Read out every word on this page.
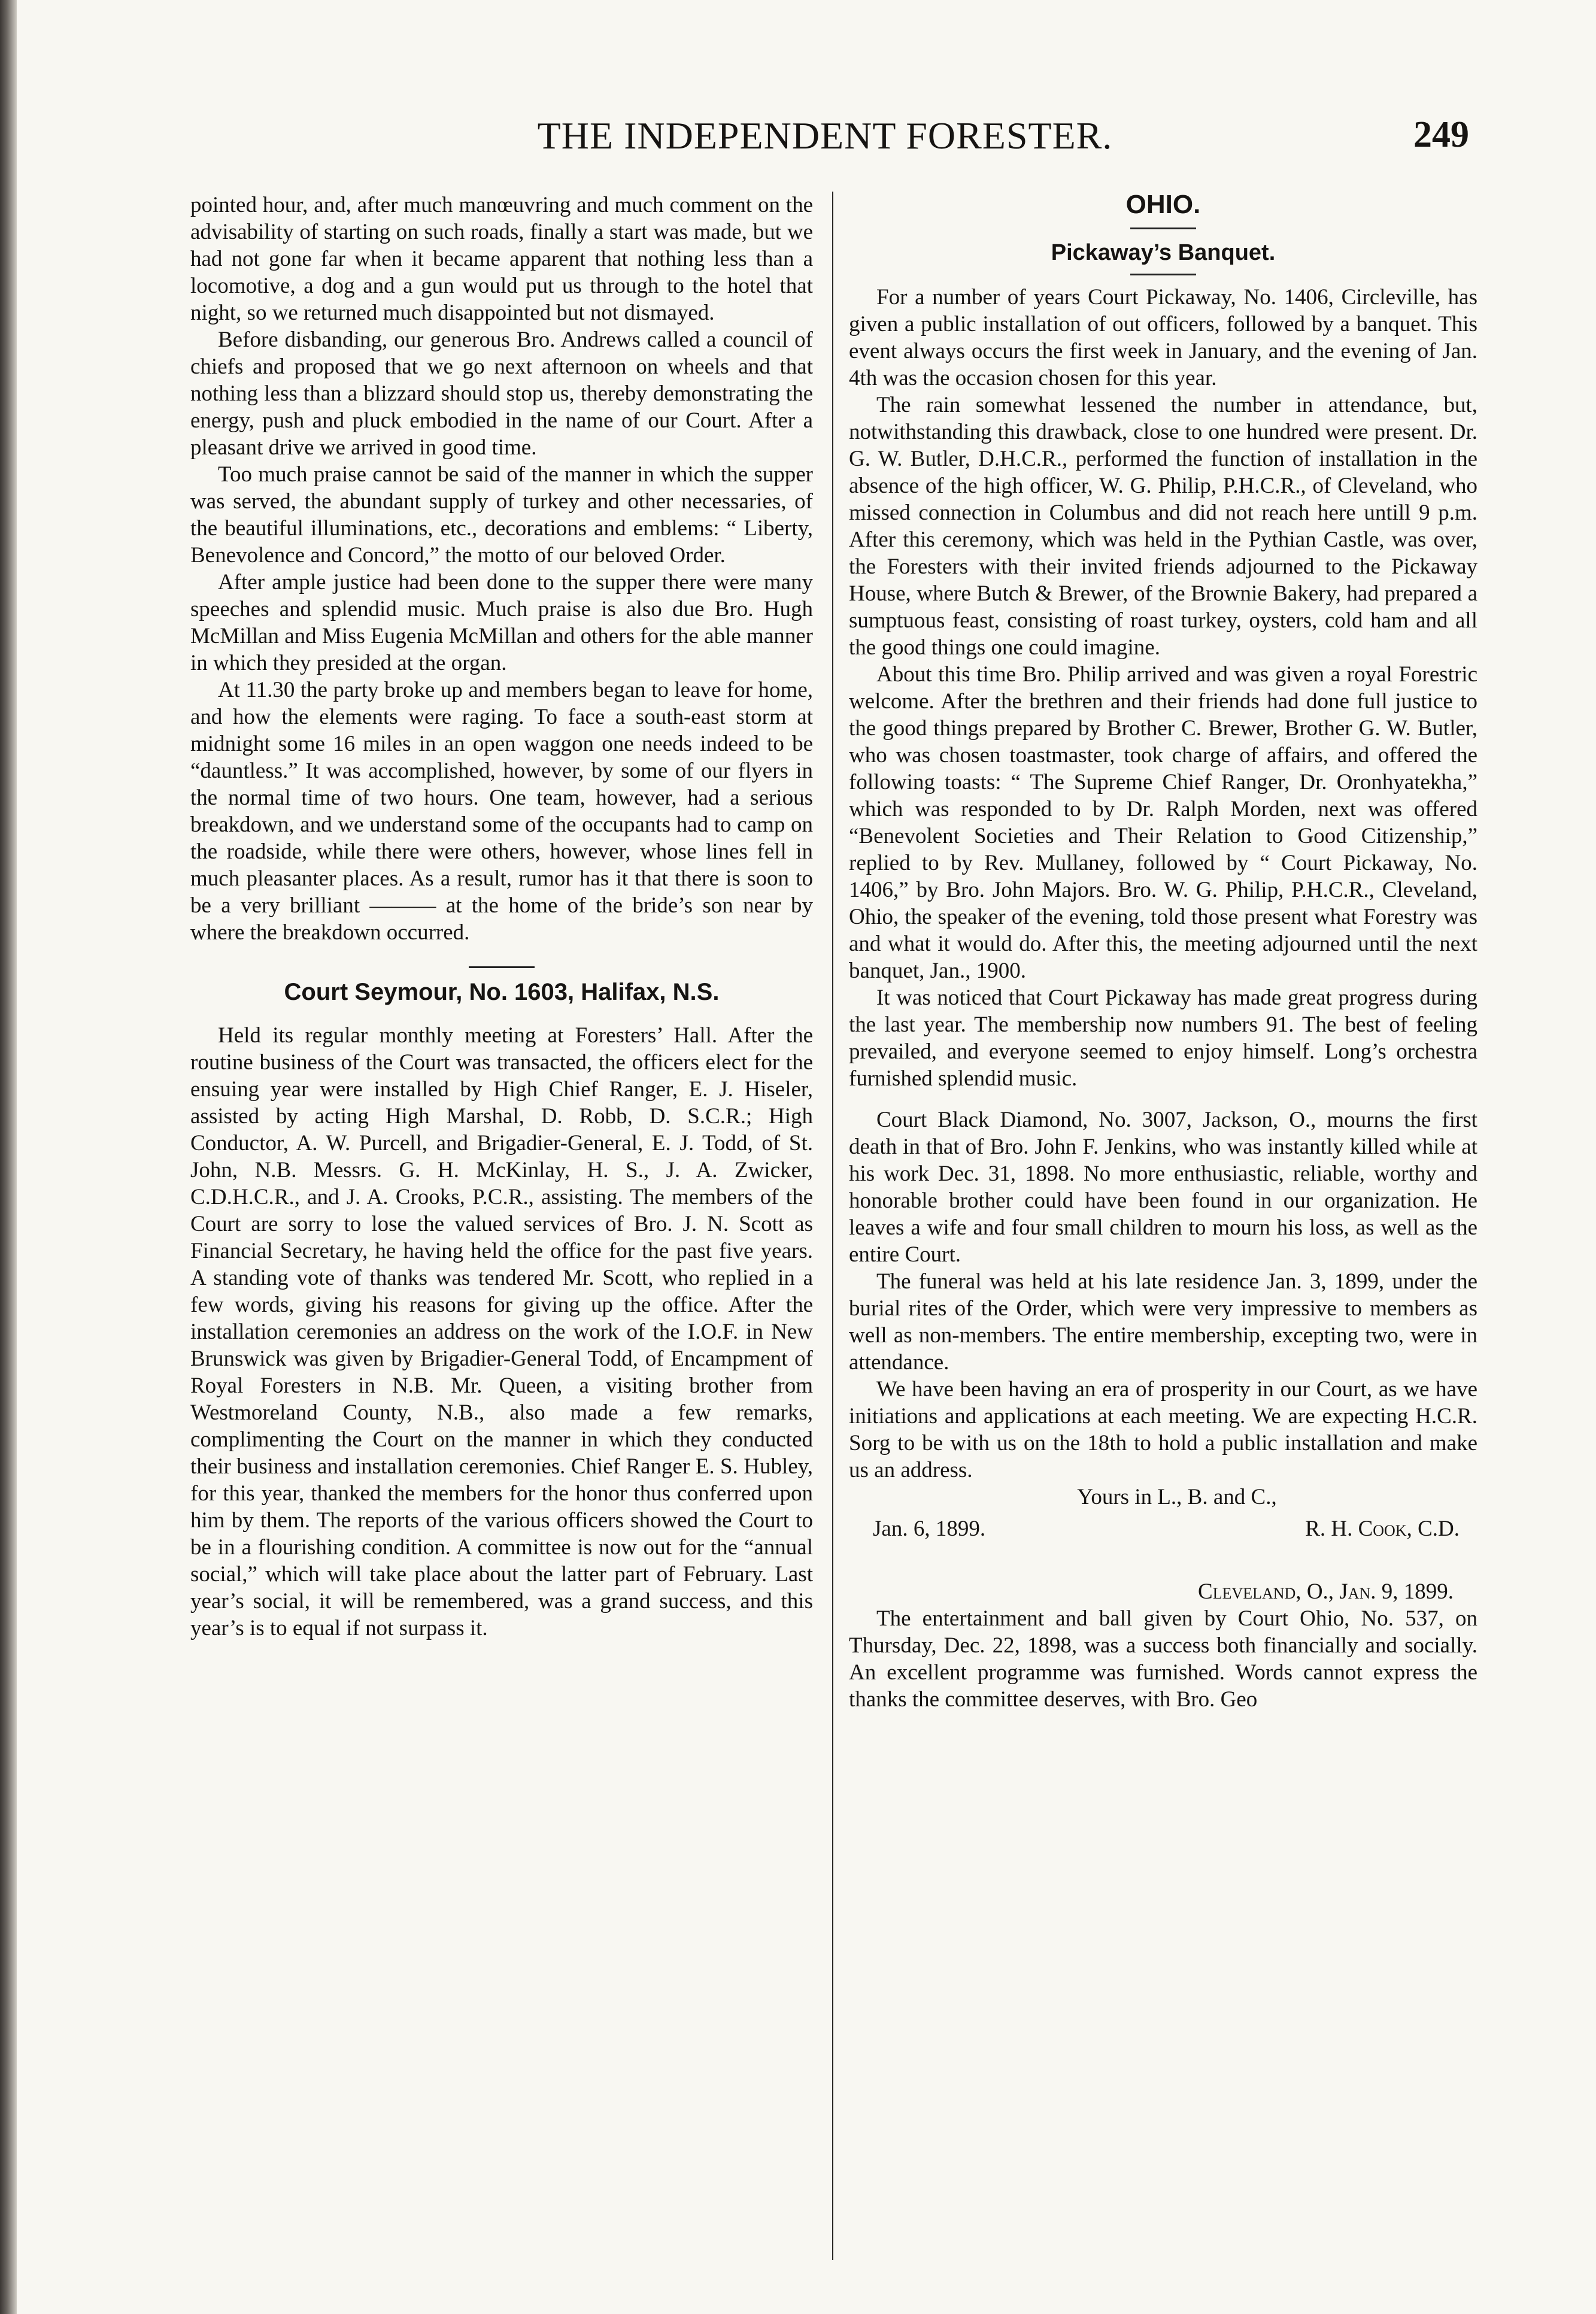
THE INDEPENDENT FORESTER.	249

pointed hour, and, after much manœuvring and much comment on the advisability of starting on such roads, finally a start was made, but we had not gone far when it became apparent that nothing less than a locomotive, a dog and a gun would put us through to the hotel that night, so we returned much disappointed but not dismayed.

Before disbanding, our generous Bro. Andrews called a council of chiefs and proposed that we go next afternoon on wheels and that nothing less than a blizzard should stop us, thereby demonstrating the energy, push and pluck embodied in the name of our Court. After a pleasant drive we arrived in good time.

Too much praise cannot be said of the manner in which the supper was served, the abundant supply of turkey and other necessaries, of the beautiful illuminations, etc., decorations and emblems: “ Liberty, Benevolence and Concord,” the motto of our beloved Order.

After ample justice had been done to the supper there were many speeches and splendid music. Much praise is also due Bro. Hugh McMillan and Miss Eugenia McMillan and others for the able manner in which they presided at the organ.

At 11.30 the party broke up and members began to leave for home, and how the elements were raging. To face a south-east storm at midnight some 16 miles in an open waggon one needs indeed to be “dauntless.” It was accomplished, however, by some of our flyers in the normal time of two hours. One team, however, had a serious breakdown, and we understand some of the occupants had to camp on the roadside, while there were others, however, whose lines fell in much pleasanter places. As a result, rumor has it that there is soon to be a very brilliant ——— at the home of the bride’s son near by where the breakdown occurred.

Court Seymour, No. 1603, Halifax, N.S.

Held its regular monthly meeting at Foresters’ Hall. After the routine business of the Court was transacted, the officers elect for the ensuing year were installed by High Chief Ranger, E. J. Hiseler, assisted by acting High Marshal, D. Robb, D. S.C.R.; High Conductor, A. W. Purcell, and Brigadier-General, E. J. Todd, of St. John, N.B. Messrs. G. H. McKinlay, H. S., J. A. Zwicker, C.D.H.C.R., and J. A. Crooks, P.C.R., assisting. The members of the Court are sorry to lose the valued services of Bro. J. N. Scott as Financial Secretary, he having held the office for the past five years. A standing vote of thanks was tendered Mr. Scott, who replied in a few words, giving his reasons for giving up the office. After the installation ceremonies an address on the work of the I.O.F. in New Brunswick was given by Brigadier-General Todd, of Encampment of Royal Foresters in N.B. Mr. Queen, a visiting brother from Westmoreland County, N.B., also made a few remarks, complimenting the Court on the manner in which they conducted their business and installation ceremonies. Chief Ranger E. S. Hubley, for this year, thanked the members for the honor thus conferred upon him by them. The reports of the various officers showed the Court to be in a flourishing condition. A committee is now out for the “annual social,” which will take place about the latter part of February. Last year’s social, it will be remembered, was a grand success, and this year’s is to equal if not surpass it.

OHIO.
Pickaway’s Banquet.

For a number of years Court Pickaway, No. 1406, Circleville, has given a public installation of out officers, followed by a banquet. This event always occurs the first week in January, and the evening of Jan. 4th was the occasion chosen for this year.

The rain somewhat lessened the number in attendance, but, notwithstanding this drawback, close to one hundred were present. Dr. G. W. Butler, D.H.C.R., performed the function of installation in the absence of the high officer, W. G. Philip, P.H.C.R., of Cleveland, who missed connection in Columbus and did not reach here untill 9 p.m. After this ceremony, which was held in the Pythian Castle, was over, the Foresters with their invited friends adjourned to the Pickaway House, where Butch & Brewer, of the Brownie Bakery, had prepared a sumptuous feast, consisting of roast turkey, oysters, cold ham and all the good things one could imagine.

About this time Bro. Philip arrived and was given a royal Forestric welcome. After the brethren and their friends had done full justice to the good things prepared by Brother C. Brewer, Brother G. W. Butler, who was chosen toastmaster, took charge of affairs, and offered the following toasts: “ The Supreme Chief Ranger, Dr. Oronhyatekha,” which was responded to by Dr. Ralph Morden, next was offered “Benevolent Societies and Their Relation to Good Citizenship,” replied to by Rev. Mullaney, followed by “ Court Pickaway, No. 1406,” by Bro. John Majors. Bro. W. G. Philip, P.H.C.R., Cleveland, Ohio, the speaker of the evening, told those present what Forestry was and what it would do. After this, the meeting adjourned until the next banquet, Jan., 1900.

It was noticed that Court Pickaway has made great progress during the last year. The membership now numbers 91. The best of feeling prevailed, and everyone seemed to enjoy himself. Long’s orchestra furnished splendid music.

Court Black Diamond, No. 3007, Jackson, O., mourns the first death in that of Bro. John F. Jenkins, who was instantly killed while at his work Dec. 31, 1898. No more enthusiastic, reliable, worthy and honorable brother could have been found in our organization. He leaves a wife and four small children to mourn his loss, as well as the entire Court.

The funeral was held at his late residence Jan. 3, 1899, under the burial rites of the Order, which were very impressive to members as well as non-members. The entire membership, excepting two, were in attendance.

We have been having an era of prosperity in our Court, as we have initiations and applications at each meeting. We are expecting H.C.R. Sorg to be with us on the 18th to hold a public installation and make us an address.

Yours in L., B. and C.,

Jan. 6, 1899.	R. H. Cook, C.D.
Cleveland, O., Jan. 9, 1899.

The entertainment and ball given by Court Ohio, No. 537, on Thursday, Dec. 22, 1898, was a success both financially and socially. An excellent programme was furnished. Words cannot express the thanks the committee deserves, with Bro. Geo
